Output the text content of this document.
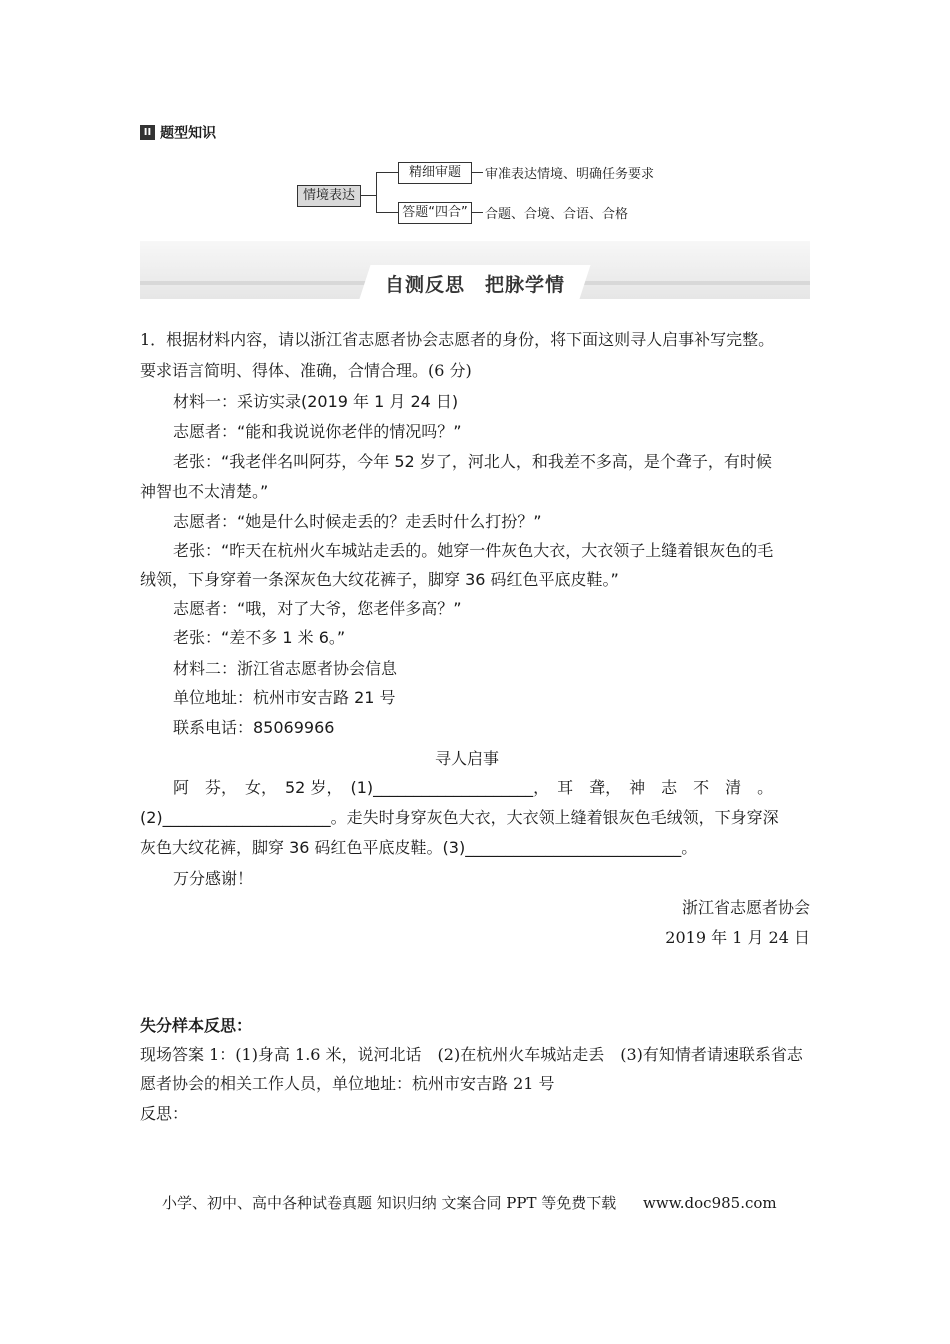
II 题型知识
情境表达
精细审题	审准表达情境、明确任务要求
答题“四合”	合题、合境、合语、合格
自测反思　把脉学情
1．根据材料内容，请以浙江省志愿者协会志愿者的身份，将下面这则寻人启事补写完整。
要求语言简明、得体、准确，合情合理。(6 分)
材料一：采访实录(2019 年 1 月 24 日)
志愿者：“能和我说说你老伴的情况吗？”
老张：“我老伴名叫阿芬，今年 52 岁了，河北人，和我差不多高，是个聋子，有时候
神智也不太清楚。”
志愿者：“她是什么时候走丢的？走丢时什么打扮？”
老张：“昨天在杭州火车城站走丢的。她穿一件灰色大衣，大衣领子上缝着银灰色的毛
绒领，下身穿着一条深灰色大纹花裤子，脚穿 36 码红色平底皮鞋。”
志愿者：“哦，对了大爷，您老伴多高？”
老张：“差不多 1 米 6。”
材料二：浙江省志愿者协会信息
单位地址：杭州市安吉路 21 号
联系电话：85069966
寻人启事
阿　芬，　女，　52 岁，　(1)____________________，　耳　聋，　神　志　不　清　。
(2)_____________________。走失时身穿灰色大衣，大衣领上缝着银灰色毛绒领，下身穿深
灰色大纹花裤，脚穿 36 码红色平底皮鞋。(3)___________________________。
万分感谢！
浙江省志愿者协会
2019 年 1 月 24 日
失分样本反思：
现场答案 1：(1)身高 1.6 米，说河北话　(2)在杭州火车城站走丢　(3)有知情者请速联系省志
愿者协会的相关工作人员，单位地址：杭州市安吉路 21 号
反思：
小学、初中、高中各种试卷真题 知识归纳 文案合同 PPT 等免费下载 www.doc985.com
